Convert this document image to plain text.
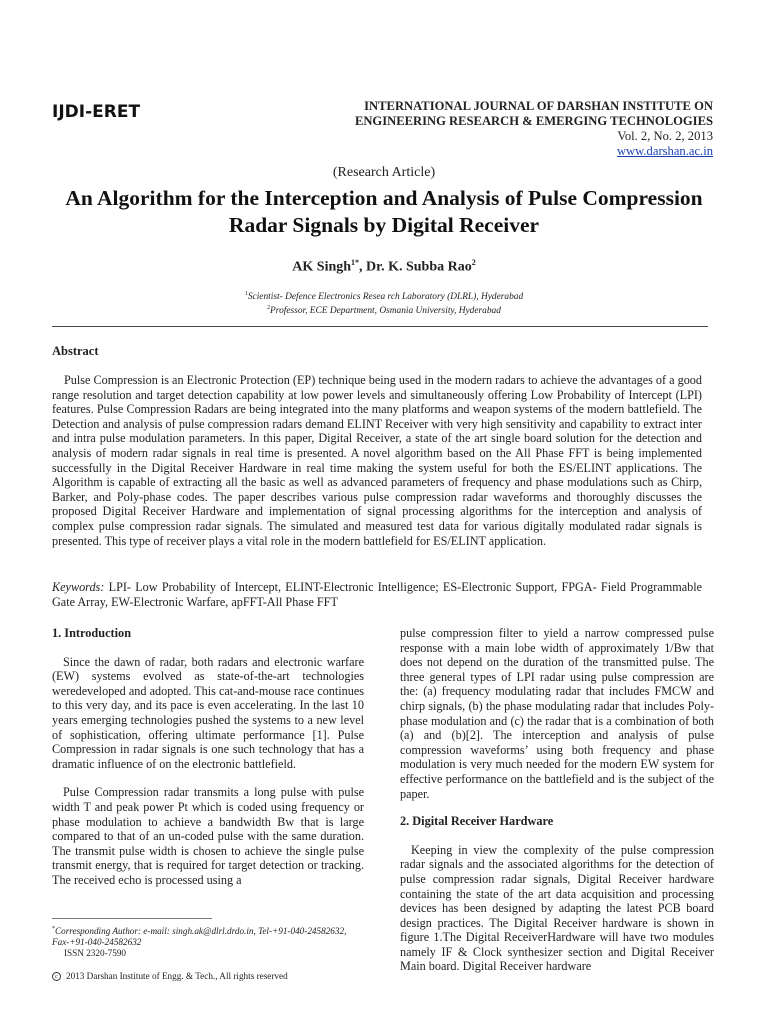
IJDI-ERET	INTERNATIONAL JOURNAL OF DARSHAN INSTITUTE ON
ENGINEERING RESEARCH & EMERGING TECHNOLOGIES
Vol. 2, No. 2, 2013
www.darshan.ac.in
(Research Article)
An Algorithm for the Interception and Analysis of Pulse Compression Radar Signals by Digital Receiver
AK Singh$^{1*}$, Dr. K. Subba Rao$^2$
$^1$Scientist- Defence Electronics Resea rch Laboratory (DLRL), Hyderabad
$^2$Professor, ECE Department, Osmania University, Hyderabad
Abstract
Pulse Compression is an Electronic Protection (EP) technique being used in the modern radars to achieve the advantages of a good range resolution and target detection capability at low power levels and simultaneously offering Low Probability of Intercept (LPI) features. Pulse Compression Radars are being integrated into the many platforms and weapon systems of the modern battlefield. The Detection and analysis of pulse compression radars demand ELINT Receiver with very high sensitivity and capability to extract inter and intra pulse modulation parameters. In this paper, Digital Receiver, a state of the art single board solution for the detection and analysis of modern radar signals in real time is presented. A novel algorithm based on the All Phase FFT is being implemented successfully in the Digital Receiver Hardware in real time making the system useful for both the ES/ELINT applications. The Algorithm is capable of extracting all the basic as well as advanced parameters of frequency and phase modulations such as Chirp, Barker, and Poly-phase codes. The paper describes various pulse compression radar waveforms and thoroughly discusses the proposed Digital Receiver Hardware and implementation of signal processing algorithms for the interception and analysis of complex pulse compression radar signals. The simulated and measured test data for various digitally modulated radar signals is presented. This type of receiver plays a vital role in the modern battlefield for ES/ELINT application.
Keywords: LPI- Low Probability of Intercept, ELINT-Electronic Intelligence; ES-Electronic Support, FPGA- Field Programmable Gate Array, EW-Electronic Warfare, apFFT-All Phase FFT

1. Introduction

Since the dawn of radar, both radars and electronic warfare (EW) systems evolved as state-of-the-art technologies weredeveloped and adopted. This cat-and-mouse race continues to this very day, and its pace is even accelerating. In the last 10 years emerging technologies pushed the systems to a new level of sophistication, offering ultimate performance [1]. Pulse Compression in radar signals is one such technology that has a dramatic influence of on the electronic battlefield.

Pulse Compression radar transmits a long pulse with pulse width T and peak power Pt which is coded using frequency or phase modulation to achieve a bandwidth Bw that is large compared to that of an un-coded pulse with the same duration. The transmit pulse width is chosen to achieve the single pulse transmit energy, that is required for target detection or tracking. The received echo is processed using a

pulse compression filter to yield a narrow compressed pulse response with a main lobe width of approximately 1/Bw that does not depend on the duration of the transmitted pulse. The three general types of LPI radar using pulse compression are the: (a) frequency modulating radar that includes FMCW and chirp signals, (b) the phase modulating radar that includes Poly-phase modulation and (c) the radar that is a combination of both (a) and (b)[2]. The interception and analysis of pulse compression waveforms’ using both frequency and phase modulation is very much needed for the modern EW system for effective performance on the battlefield and is the subject of the paper.

2. Digital Receiver Hardware

Keeping in view the complexity of the pulse compression radar signals and the associated algorithms for the detection of pulse compression radar signals, Digital Receiver hardware containing the state of the art data acquisition and processing devices has been designed by adapting the latest PCB board design practices. The Digital Receiver hardware is shown in figure 1.The Digital ReceiverHardware will have two modules namely IF & Clock synthesizer section and Digital Receiver Main board. Digital Receiver hardware

*Corresponding Author: e-mail: singh.ak@dlrl.drdo.in, Tel-+91-040-24582632, Fax-+91-040-24582632
ISSN 2320-7590
c 2013 Darshan Institute of Engg. & Tech., All rights reserved
